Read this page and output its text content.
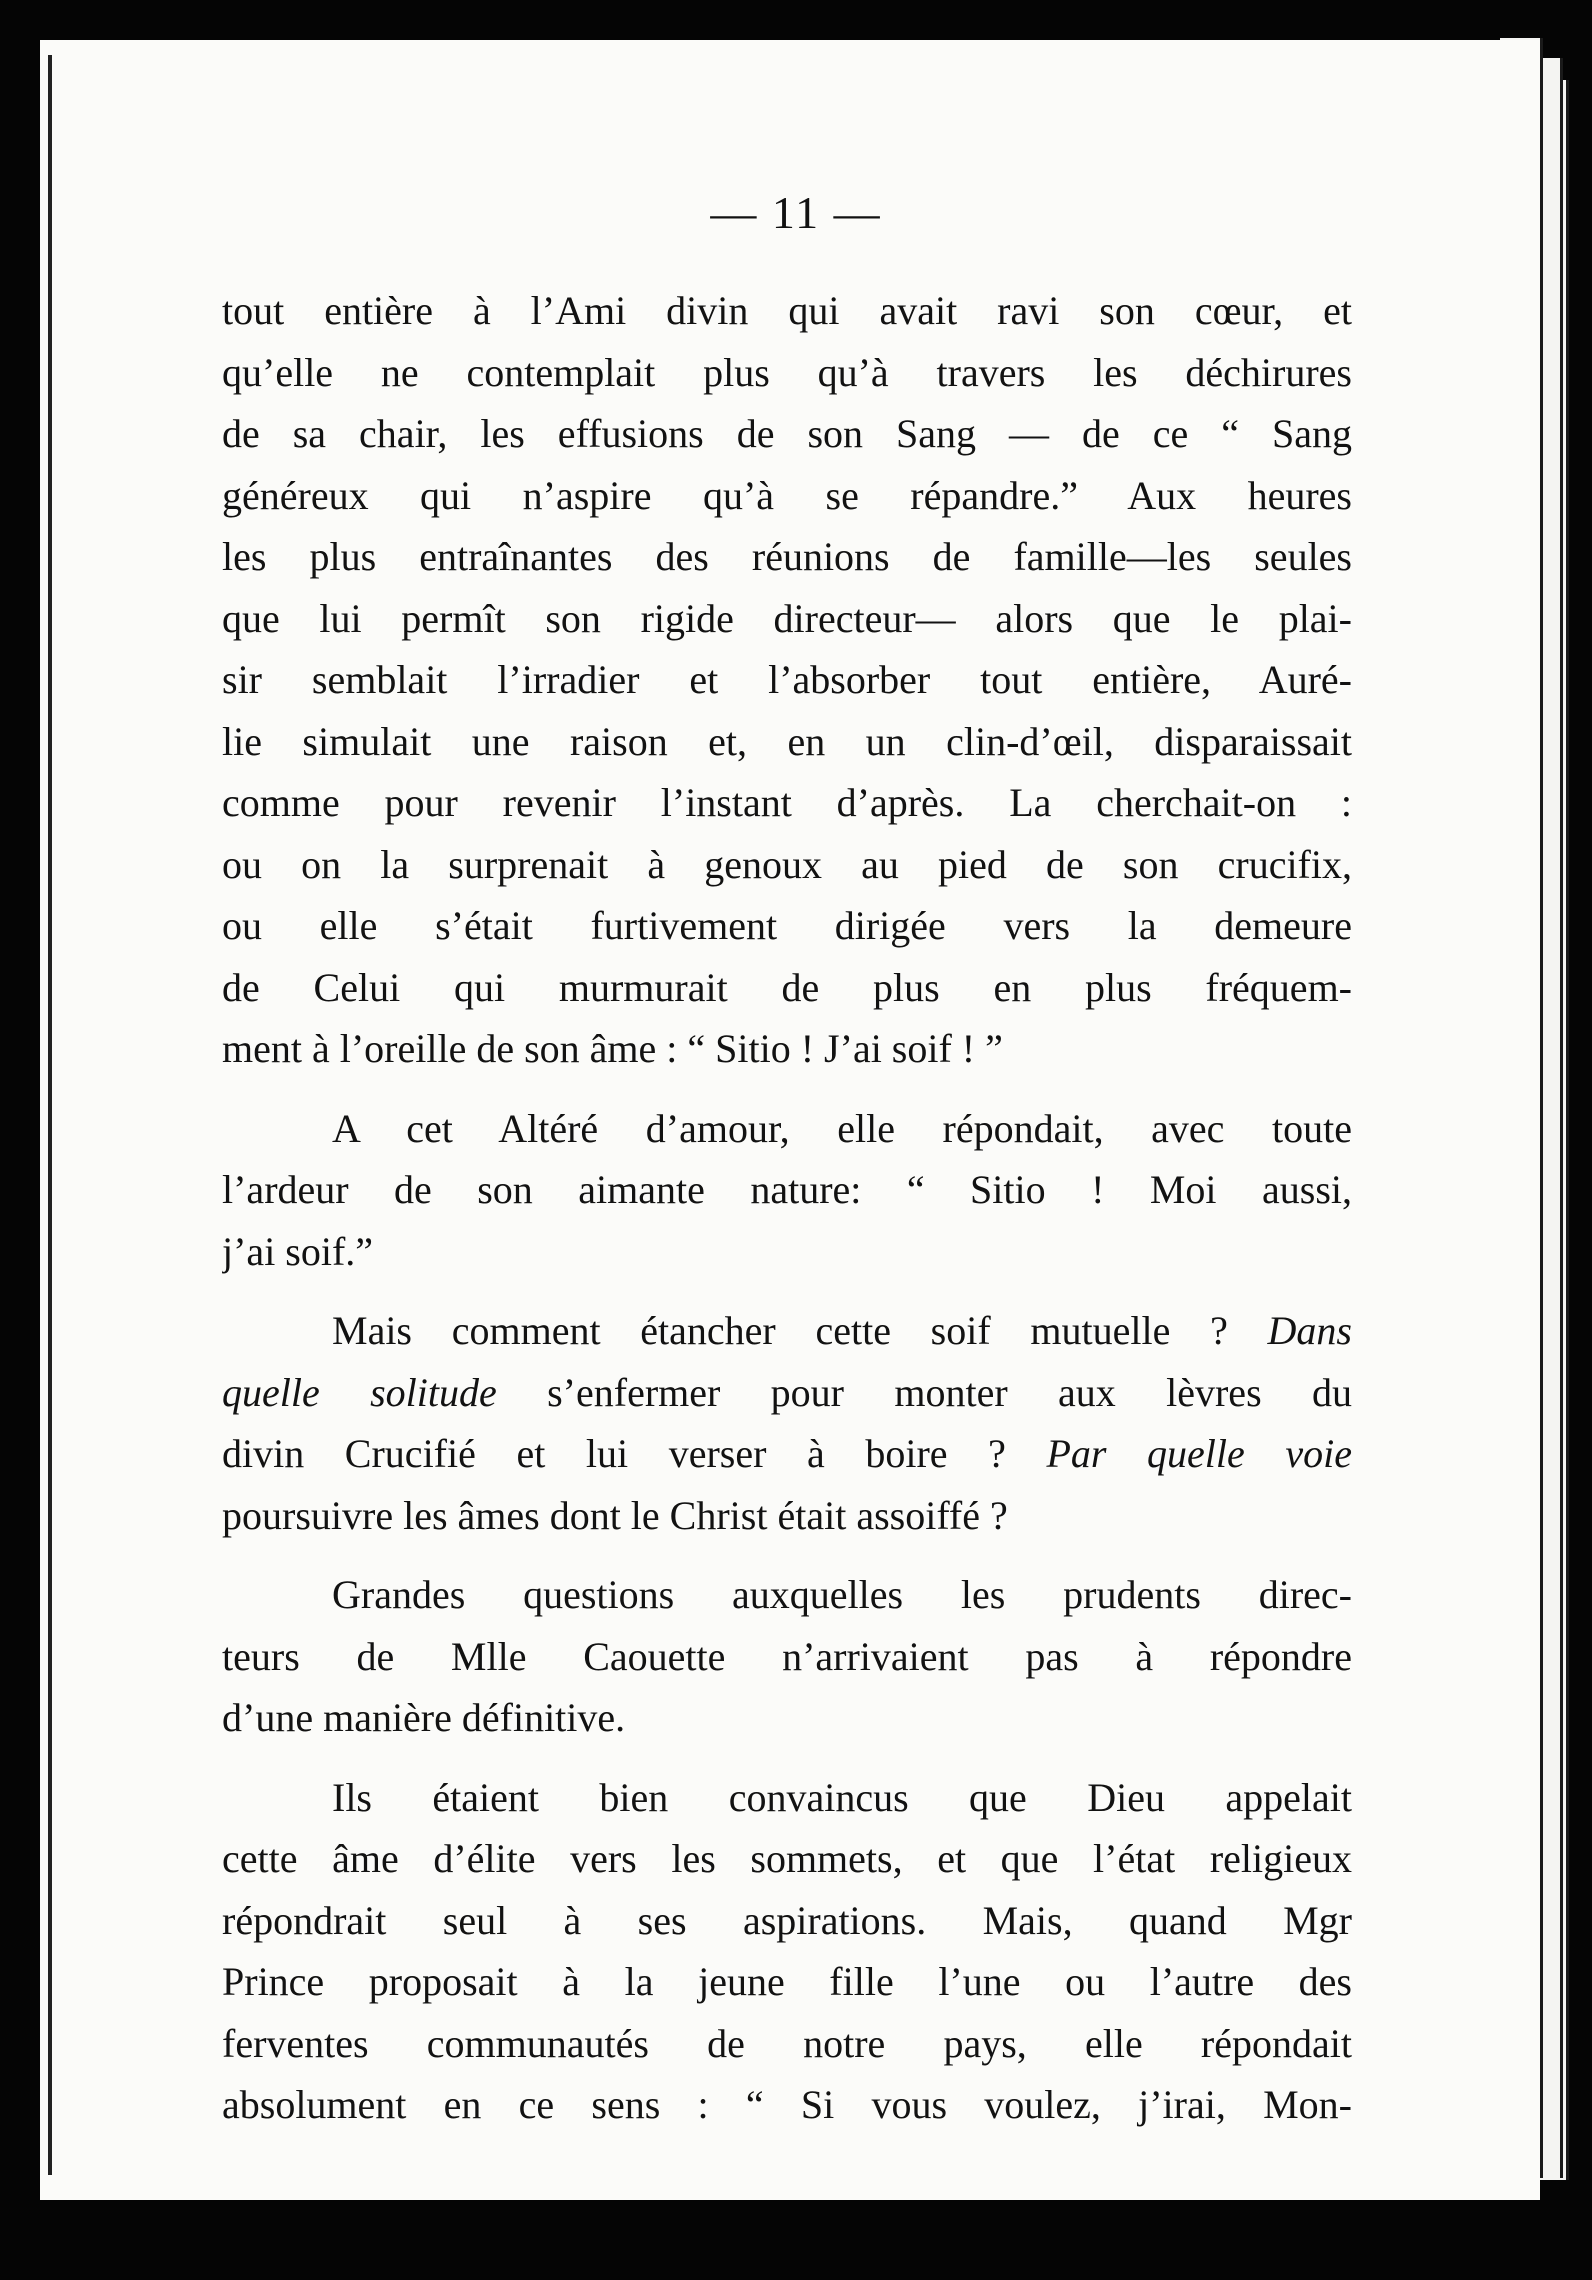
— 11 —
tout entière à l’Ami divin qui avait ravi son cœur, et
qu’elle ne contemplait plus qu’à travers les déchirures
de sa chair, les effusions de son Sang — de ce “ Sang
généreux qui n’aspire qu’à se répandre.” Aux heures
les plus entraînantes des réunions de famille—les seules
que lui permît son rigide directeur— alors que le plai-
sir semblait l’irradier et l’absorber tout entière, Auré-
lie simulait une raison et, en un clin-d’œil, disparaissait
comme pour revenir l’instant d’après. La cherchait-on :
ou on la surprenait à genoux au pied de son crucifix,
ou elle s’était furtivement dirigée vers la demeure
de Celui qui murmurait de plus en plus fréquem-
ment à l’oreille de son âme : “ Sitio ! J’ai soif ! ”
A cet Altéré d’amour, elle répondait, avec toute
l’ardeur de son aimante nature: “ Sitio ! Moi aussi,
j’ai soif.”
Mais comment étancher cette soif mutuelle ? Dans
quelle solitude s’enfermer pour monter aux lèvres du
divin Crucifié et lui verser à boire ? Par quelle voie
poursuivre les âmes dont le Christ était assoiffé ?
Grandes questions auxquelles les prudents direc-
teurs de Mlle Caouette n’arrivaient pas à répondre
d’une manière définitive.
Ils étaient bien convaincus que Dieu appelait
cette âme d’élite vers les sommets, et que l’état religieux
répondrait seul à ses aspirations. Mais, quand Mgr
Prince proposait à la jeune fille l’une ou l’autre des
ferventes communautés de notre pays, elle répondait
absolument en ce sens : “ Si vous voulez, j’irai, Mon-
